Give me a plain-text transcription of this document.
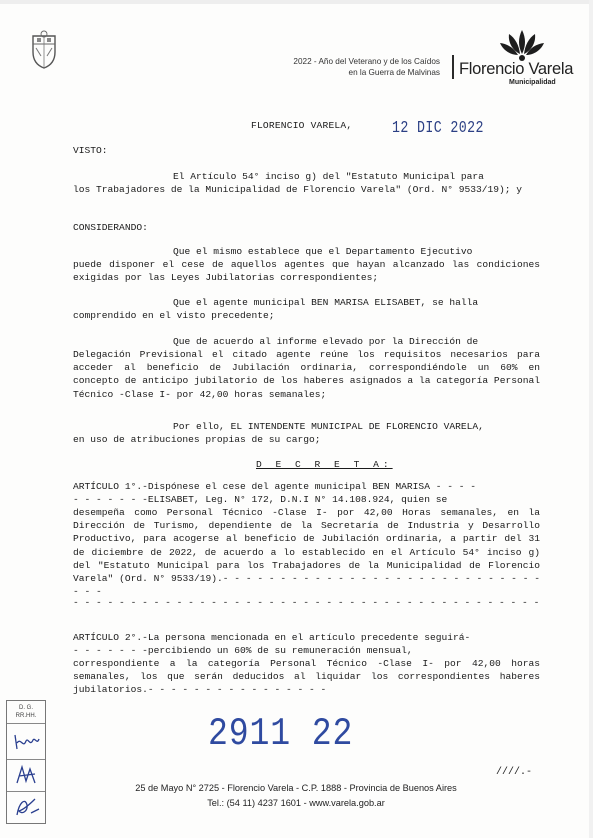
2022 - Año del Veterano y de los Caídos
en la Guerra de Malvinas Florencio Varela
Municipalidad
FLORENCIO VARELA, 12 DIC 2022
VISTO:
El Artículo 54° inciso g) del "Estatuto Municipal para
los Trabajadores de la Municipalidad de Florencio Varela" (Ord. N° 9533/19); y
CONSIDERANDO:
Que el mismo establece que el Departamento Ejecutivo
puede disponer el cese de aquellos agentes que hayan alcanzado las condiciones exigidas por las Leyes Jubilatorias correspondientes;
Que el agente municipal BEN MARISA ELISABET, se halla
comprendido en el visto precedente;
Que de acuerdo al informe elevado por la Dirección de
Delegación Previsional el citado agente reúne los requisitos necesarios para acceder al beneficio de Jubilación ordinaria, correspondiéndole un 60% en concepto de anticipo jubilatorio de los haberes asignados a la categoría Personal Técnico -Clase I- por 42,00 horas semanales;
Por ello, EL INTENDENTE MUNICIPAL DE FLORENCIO VARELA,
en uso de atribuciones propias de su cargo;
D E C R E T A:
ARTÍCULO 1°.-Dispónese el cese del agente municipal BEN MARISA - - - -
- - - - - - -ELISABET, Leg. N° 172, D.N.I N° 14.108.924, quien se
desempeña como Personal Técnico -Clase I- por 42,00 Horas semanales, en la Dirección de Turismo, dependiente de la Secretaría de Industria y Desarrollo Productivo, para acogerse al beneficio de Jubilación ordinaria, a partir del 31 de diciembre de 2022, de acuerdo a lo establecido en el Artículo 54° inciso g) del "Estatuto Municipal para los Trabajadores de la Municipalidad de Florencio Varela" (Ord. N° 9533/19).- - - - - - - - - - - - - - - - - - - - - - - - - - - - - - -
- - - - - - - - - - - - - - - - - - - - - - - - - - - - - - - - - - - - - - - - -
ARTÍCULO 2°.-La persona mencionada en el artículo precedente seguirá-
- - - - - - -percibiendo un 60% de su remuneración mensual,
correspondiente a la categoría Personal Técnico -Clase I- por 42,00 horas semanales, los que serán deducidos al liquidar los correspondientes haberes jubilatorios.- - - - - - - - - - - - - - - -
2911 22
D. G.
RR.HH.
////.-
25 de Mayo N° 2725 - Florencio Varela - C.P. 1888 - Provincia de Buenos Aires
Tel.: (54 11) 4237 1601 - www.varela.gob.ar
